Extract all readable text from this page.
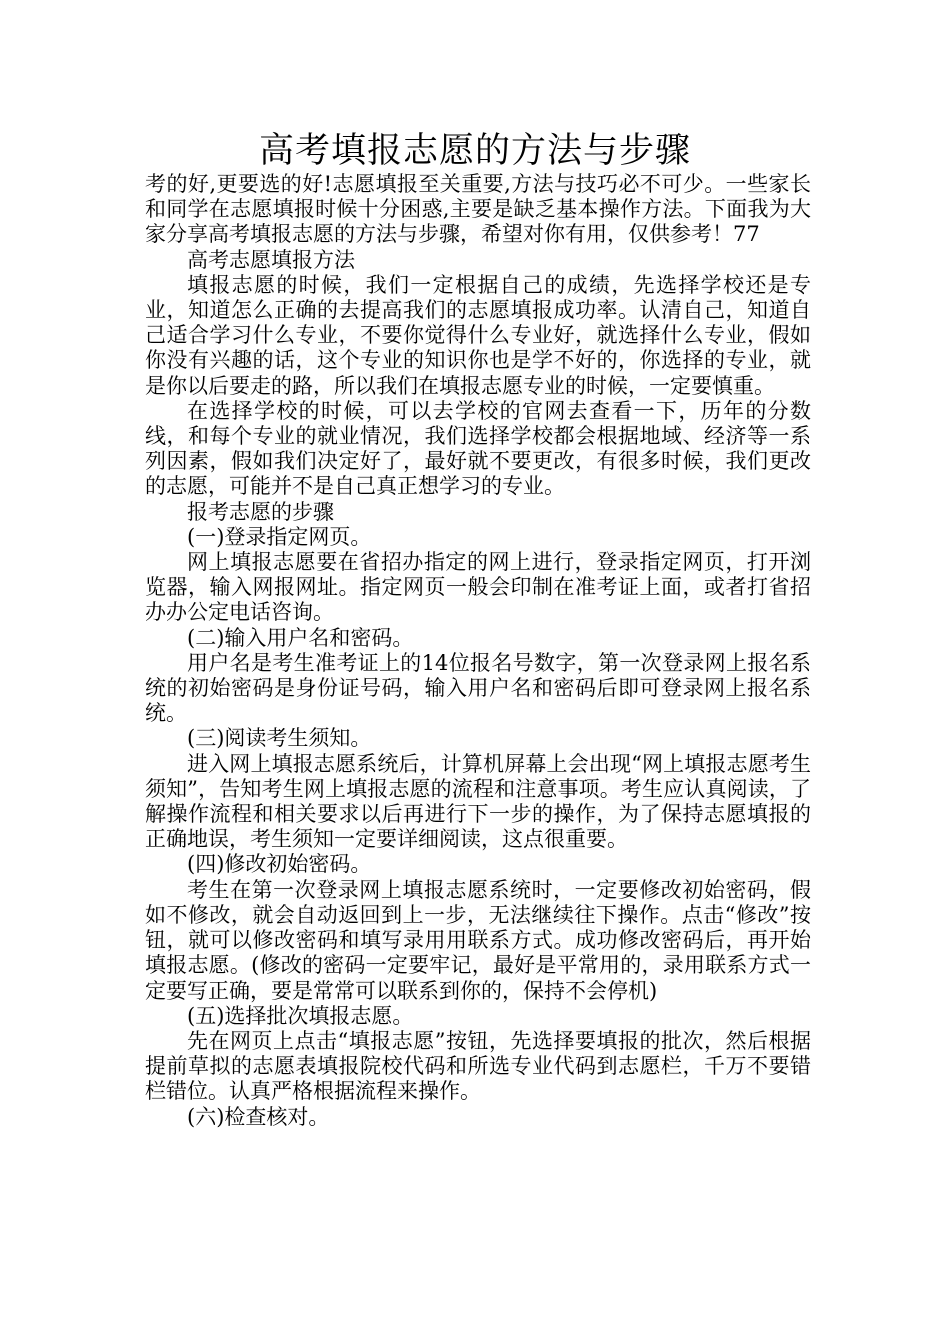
高考填报志愿的方法与步骤

考的好,更要选的好!志愿填报至关重要,方法与技巧必不可少。一些家长和同学在志愿填报时候十分困惑,主要是缺乏基本操作方法。下面我为大家分享高考填报志愿的方法与步骤，希望对你有用，仅供参考！77

高考志愿填报方法

填报志愿的时候，我们一定根据自己的成绩，先选择学校还是专业，知道怎么正确的去提高我们的志愿填报成功率。认清自己，知道自己适合学习什么专业，不要你觉得什么专业好，就选择什么专业，假如你没有兴趣的话，这个专业的知识你也是学不好的，你选择的专业，就是你以后要走的路，所以我们在填报志愿专业的时候，一定要慎重。

在选择学校的时候，可以去学校的官网去查看一下，历年的分数线，和每个专业的就业情况，我们选择学校都会根据地域、经济等一系列因素，假如我们决定好了，最好就不要更改，有很多时候，我们更改的志愿，可能并不是自己真正想学习的专业。

报考志愿的步骤

(一)登录指定网页。

网上填报志愿要在省招办指定的网上进行，登录指定网页，打开浏览器，输入网报网址。指定网页一般会印制在准考证上面，或者打省招办办公定电话咨询。

(二)输入用户名和密码。

用户名是考生准考证上的14位报名号数字，第一次登录网上报名系统的初始密码是身份证号码，输入用户名和密码后即可登录网上报名系统。

(三)阅读考生须知。

进入网上填报志愿系统后，计算机屏幕上会出现“网上填报志愿考生须知”，告知考生网上填报志愿的流程和注意事项。考生应认真阅读，了解操作流程和相关要求以后再进行下一步的操作，为了保持志愿填报的正确地误，考生须知一定要详细阅读，这点很重要。

(四)修改初始密码。

考生在第一次登录网上填报志愿系统时，一定要修改初始密码，假如不修改，就会自动返回到上一步，无法继续往下操作。点击“修改”按钮，就可以修改密码和填写录用用联系方式。成功修改密码后，再开始填报志愿。(修改的密码一定要牢记，最好是平常用的，录用联系方式一定要写正确，要是常常可以联系到你的，保持不会停机)

(五)选择批次填报志愿。

先在网页上点击“填报志愿”按钮，先选择要填报的批次，然后根据提前草拟的志愿表填报院校代码和所选专业代码到志愿栏，千万不要错栏错位。认真严格根据流程来操作。

(六)检查核对。
